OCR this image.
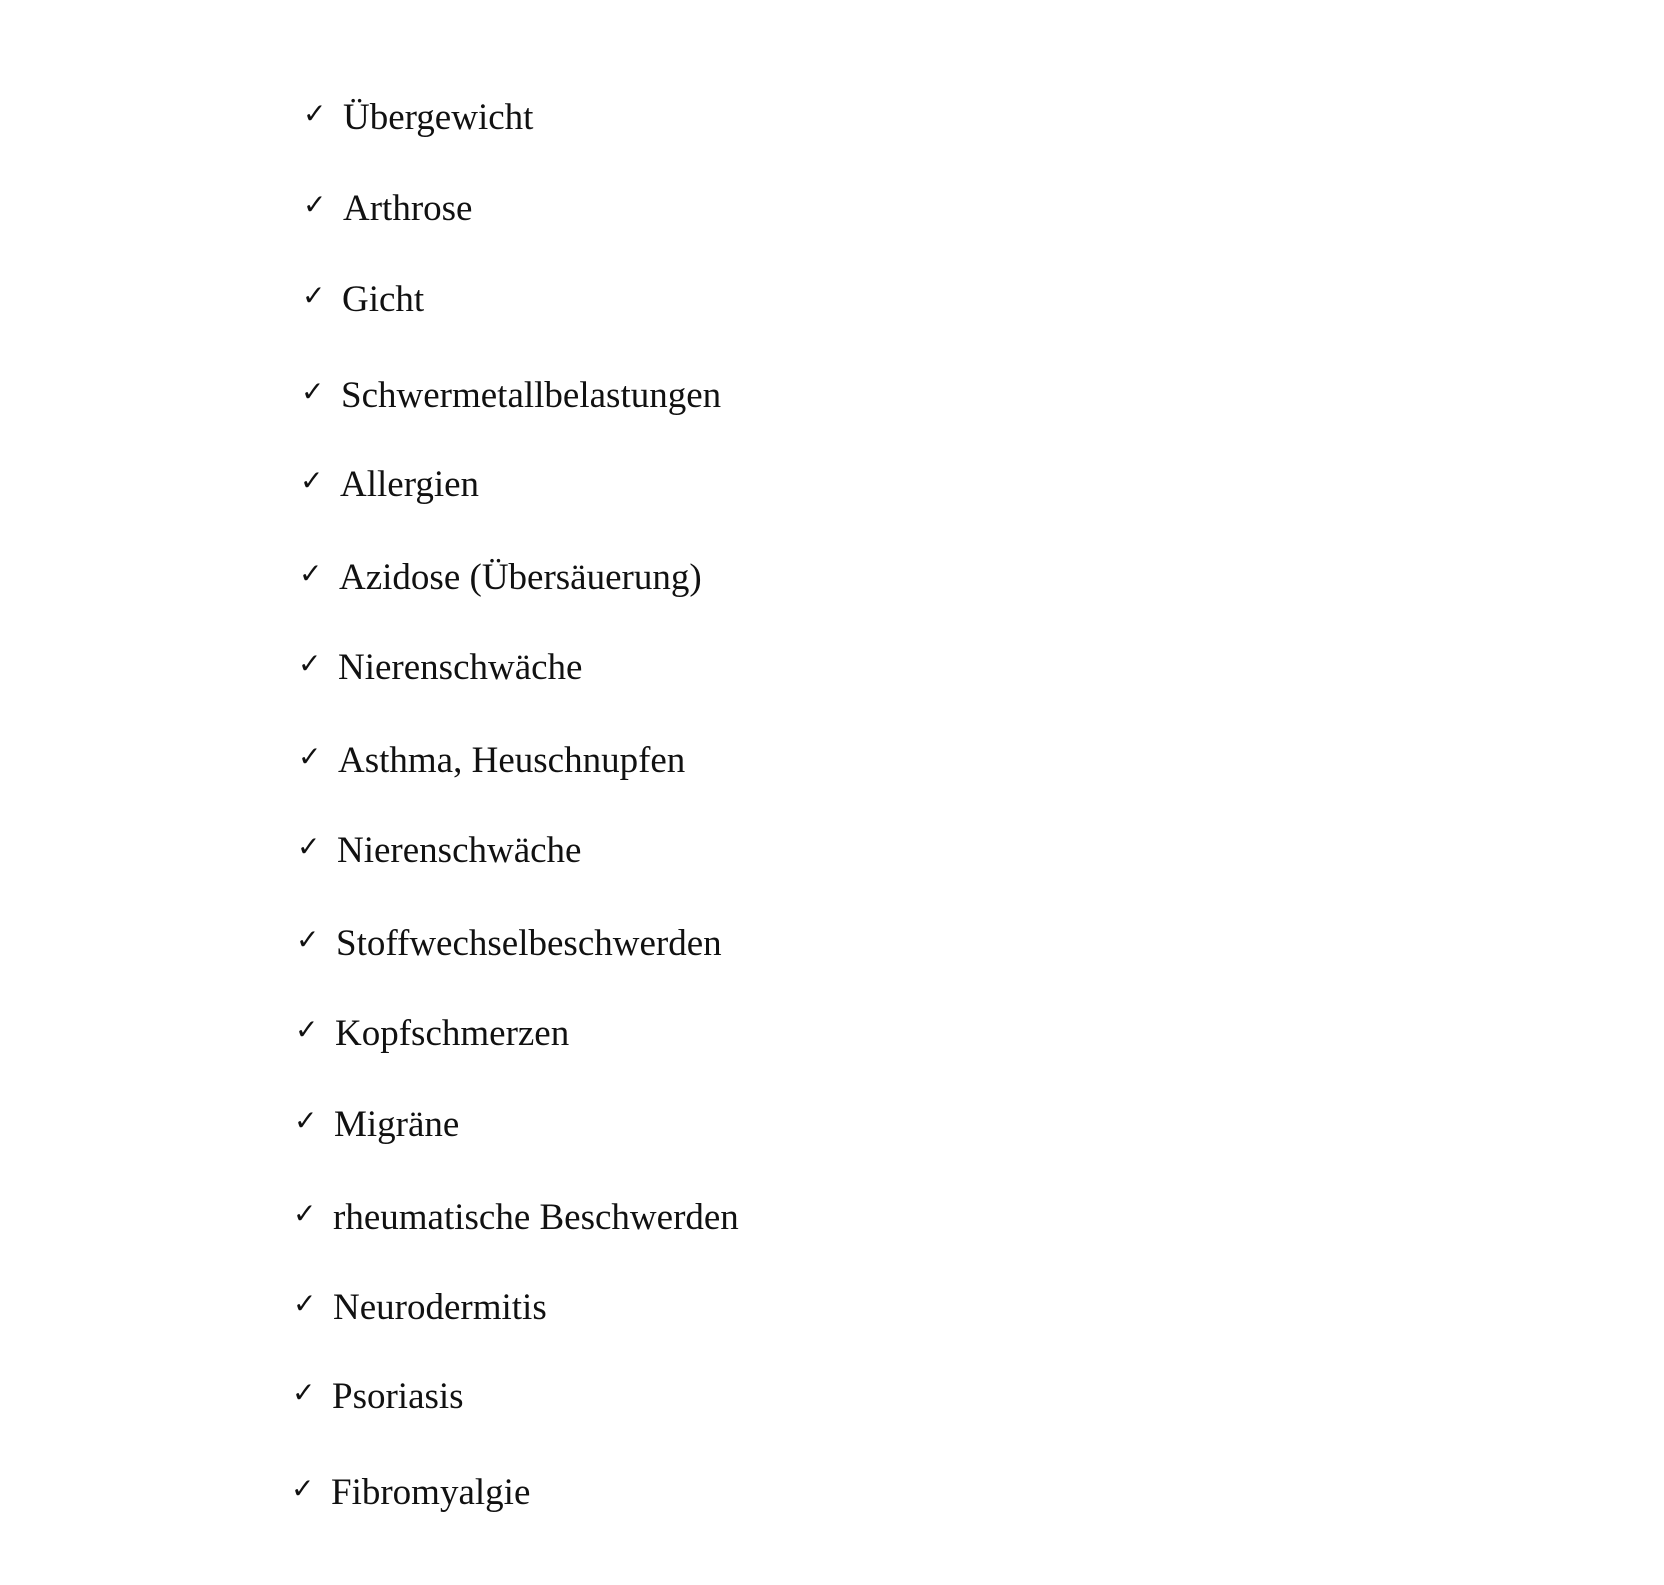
✓ Übergewicht
✓ Arthrose
✓ Gicht
✓ Schwermetallbelastungen
✓ Allergien
✓ Azidose (Übersäuerung)
✓ Nierenschwäche
✓ Asthma, Heuschnupfen
✓ Nierenschwäche
✓ Stoffwechselbeschwerden
✓ Kopfschmerzen
✓ Migräne
✓ rheumatische Beschwerden
✓ Neurodermitis
✓ Psoriasis
✓ Fibromyalgie
